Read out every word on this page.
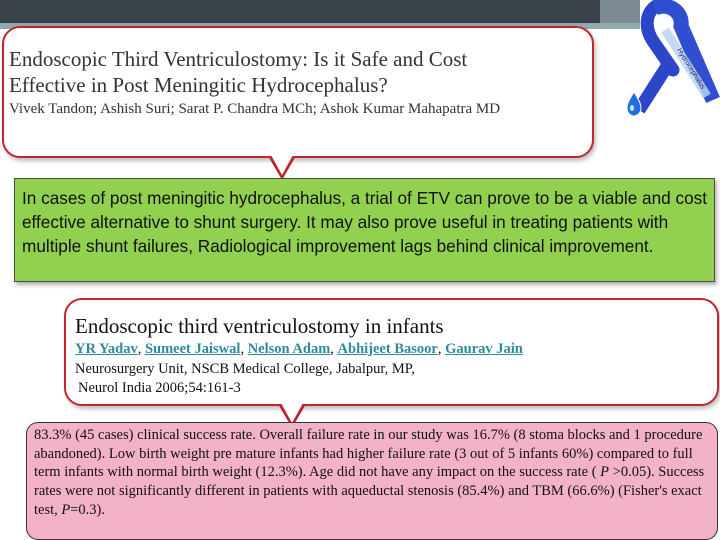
Hydrocephalus
Endoscopic Third Ventriculostomy: Is it Safe and Cost
Effective in Post Meningitic Hydrocephalus?
Vivek Tandon; Ashish Suri; Sarat P. Chandra MCh; Ashok Kumar Mahapatra MD
In cases of post meningitic hydrocephalus, a trial of ETV can prove to be a viable and cost effective alternative to shunt surgery. It may also prove useful in treating patients with multiple shunt failures, Radiological improvement lags behind clinical improvement.
Endoscopic third ventriculostomy in infants
YR Yadav, Sumeet Jaiswal, Nelson Adam, Abhijeet Basoor, Gaurav Jain
Neurosurgery Unit, NSCB Medical College, Jabalpur, MP,
Neurol India 2006;54:161-3
83.3% (45 cases) clinical success rate. Overall failure rate in our study was 16.7% (8 stoma blocks and 1 procedure abandoned). Low birth weight pre mature infants had higher failure rate (3 out of 5 infants 60%) compared to full term infants with normal birth weight (12.3%). Age did not have any impact on the success rate ( P >0.05). Success rates were not significantly different in patients with aqueductal stenosis (85.4%) and TBM (66.6%) (Fisher's exact test, P=0.3).
